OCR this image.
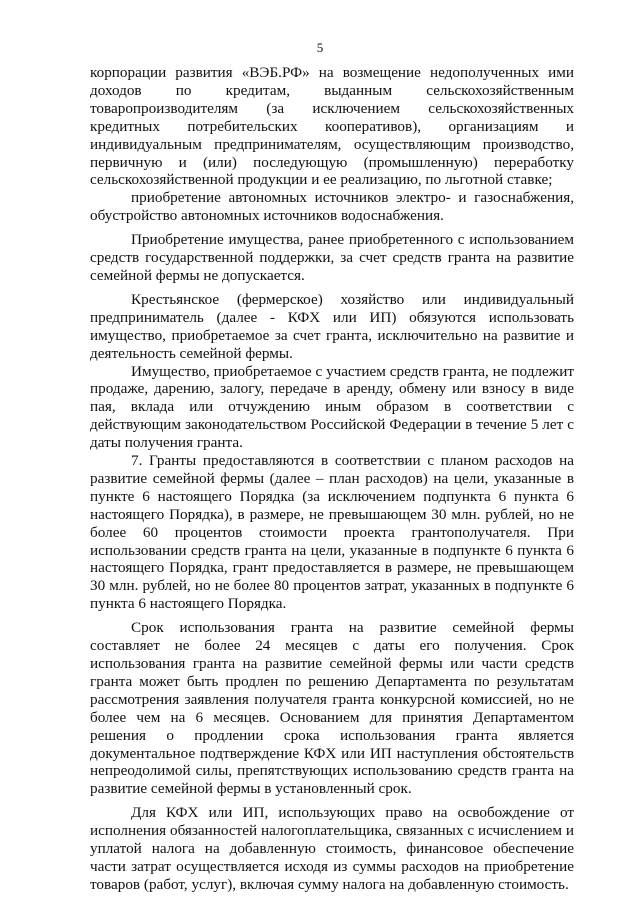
5

корпорации развития «ВЭБ.РФ» на возмещение недополученных ими доходов по кредитам, выданным сельскохозяйственным товаропроизводителям (за исключением сельскохозяйственных кредитных потребительских кооперативов), организациям и индивидуальным предпринимателям, осуществляющим производство, первичную и (или) последующую (промышленную) переработку сельскохозяйственной продукции и ее реализацию, по льготной ставке;

приобретение автономных источников электро- и газоснабжения, обустройство автономных источников водоснабжения.

Приобретение имущества, ранее приобретенного с использованием средств государственной поддержки, за счет средств гранта на развитие семейной фермы не допускается.

Крестьянское (фермерское) хозяйство или индивидуальный предприниматель (далее - КФХ или ИП) обязуются использовать имущество, приобретаемое за счет гранта, исключительно на развитие и деятельность семейной фермы.

Имущество, приобретаемое с участием средств гранта, не подлежит продаже, дарению, залогу, передаче в аренду, обмену или взносу в виде пая, вклада или отчуждению иным образом в соответствии с действующим законодательством Российской Федерации в течение 5 лет с даты получения гранта.

7. Гранты предоставляются в соответствии с планом расходов на развитие семейной фермы (далее – план расходов) на цели, указанные в пункте 6 настоящего Порядка (за исключением подпункта 6 пункта 6 настоящего Порядка), в размере, не превышающем 30 млн. рублей, но не более 60 процентов стоимости проекта грантополучателя. При использовании средств гранта на цели, указанные в подпункте 6 пункта 6 настоящего Порядка, грант предоставляется в размере, не превышающем 30 млн. рублей, но не более 80 процентов затрат, указанных в подпункте 6 пункта 6 настоящего Порядка.

Срок использования гранта на развитие семейной фермы составляет не более 24 месяцев с даты его получения. Срок использования гранта на развитие семейной фермы или части средств гранта может быть продлен по решению Департамента по результатам рассмотрения заявления получателя гранта конкурсной комиссией, но не более чем на 6 месяцев. Основанием для принятия Департаментом решения о продлении срока использования гранта является документальное подтверждение КФХ или ИП наступления обстоятельств непреодолимой силы, препятствующих использованию средств гранта на развитие семейной фермы в установленный срок.

Для КФХ или ИП, использующих право на освобождение от исполнения обязанностей налогоплательщика, связанных с исчислением и уплатой налога на добавленную стоимость, финансовое обеспечение части затрат осуществляется исходя из суммы расходов на приобретение товаров (работ, услуг), включая сумму налога на добавленную стоимость.
